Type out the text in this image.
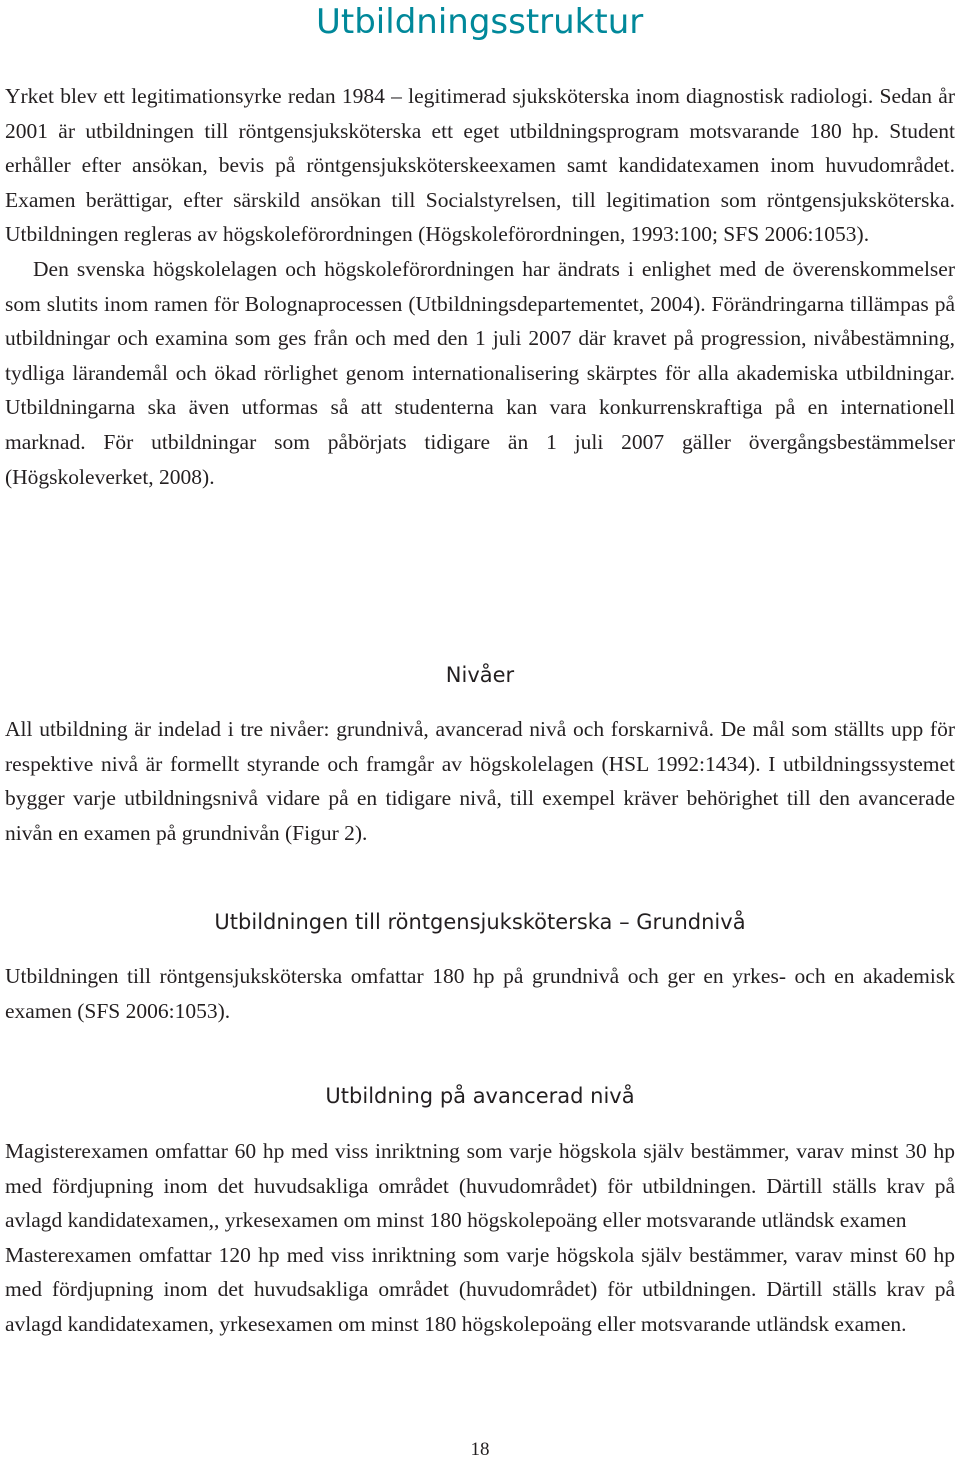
Utbildningsstruktur

Yrket blev ett legitimationsyrke redan 1984 – legitimerad sjuksköterska inom diagnostisk radiologi. Sedan år 2001 är utbildningen till röntgensjuksköterska ett eget utbildningsprogram motsvarande 180 hp. Student erhåller efter ansökan, bevis på röntgensjuksköterskeexamen samt kandidatexamen inom huvudområdet. Examen berättigar, efter särskild ansökan till Socialstyrelsen, till legitimation som röntgensjuksköterska. Utbildningen regleras av högskoleförordningen (Högskoleförordningen, 1993:100; SFS 2006:1053).

Den svenska högskolelagen och högskoleförordningen har ändrats i enlighet med de överenskommelser som slutits inom ramen för Bolognaprocessen (Utbildningsdepartementet, 2004). Förändringarna tillämpas på utbildningar och examina som ges från och med den 1 juli 2007 där kravet på progression, nivåbestämning, tydliga lärandemål och ökad rörlighet genom internationalisering skärptes för alla akademiska utbildningar. Utbildningarna ska även utformas så att studenterna kan vara konkurrenskraftiga på en internationell marknad. För utbildningar som påbörjats tidigare än 1 juli 2007 gäller övergångsbestämmelser (Högskoleverket, 2008).

Nivåer

All utbildning är indelad i tre nivåer: grundnivå, avancerad nivå och forskarnivå. De mål som ställts upp för respektive nivå är formellt styrande och framgår av högskolelagen (HSL 1992:1434). I utbildningssystemet bygger varje utbildningsnivå vidare på en tidigare nivå, till exempel kräver behörighet till den avancerade nivån en examen på grundnivån (Figur 2).

Utbildningen till röntgensjuksköterska – Grundnivå

Utbildningen till röntgensjuksköterska omfattar 180 hp på grundnivå och ger en yrkes- och en akademisk examen (SFS 2006:1053).

Utbildning på avancerad nivå

Magisterexamen omfattar 60 hp med viss inriktning som varje högskola själv bestämmer, varav minst 30 hp med fördjupning inom det huvudsakliga området (huvudområdet) för utbildningen. Därtill ställs krav på avlagd kandidatexamen,, yrkesexamen om minst 180 högskolepoäng eller motsvarande utländsk examen

Masterexamen omfattar 120 hp med viss inriktning som varje högskola själv bestämmer, varav minst 60 hp med fördjupning inom det huvudsakliga området (huvudområdet) för utbildningen. Därtill ställs krav på avlagd kandidatexamen, yrkesexamen om minst 180 högskolepoäng eller motsvarande utländsk examen.

18
